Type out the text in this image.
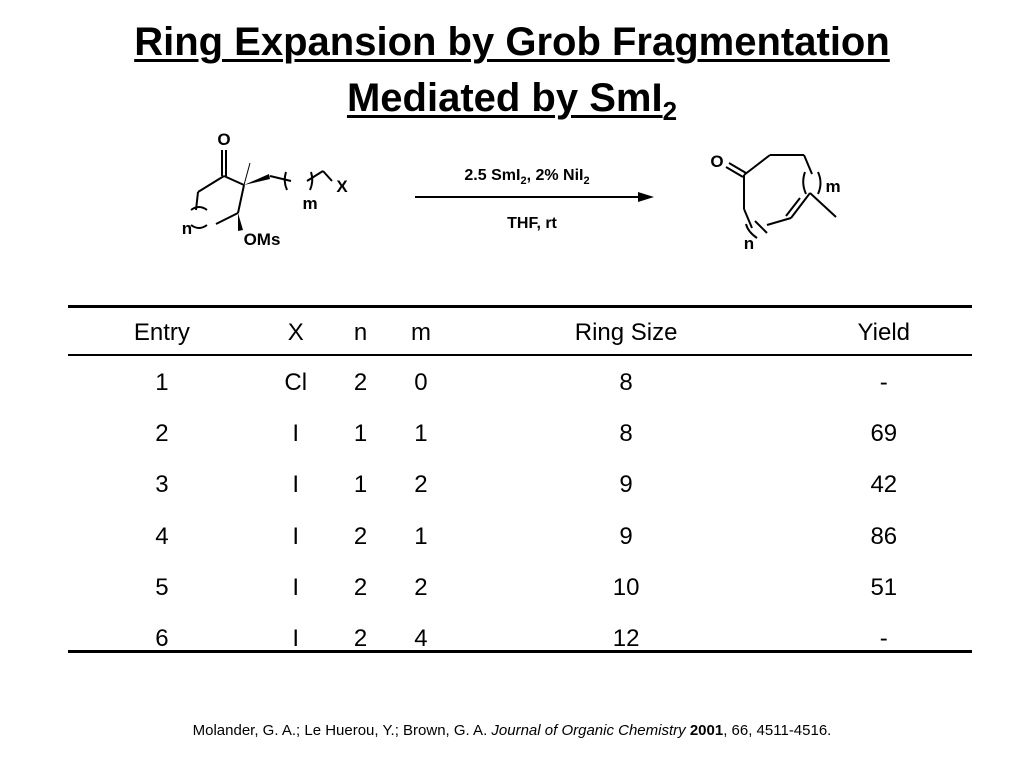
Ring Expansion by Grob Fragmentation
Mediated by SmI$_2$
O
X
m
n
OMs
2.5 SmI$_2$, 2% NiI$_2$
THF, rt
O
m
n
Entry	X	n	m	Ring Size	Yield
1	Cl	2	0	8	-
2	I	1	1	8	69
3	I	1	2	9	42
4	I	2	1	9	86
5	I	2	2	10	51
6	I	2	4	12	-
Molander, G. A.; Le Huerou, Y.; Brown, G. A. Journal of Organic Chemistry 2001, 66, 4511-4516.
